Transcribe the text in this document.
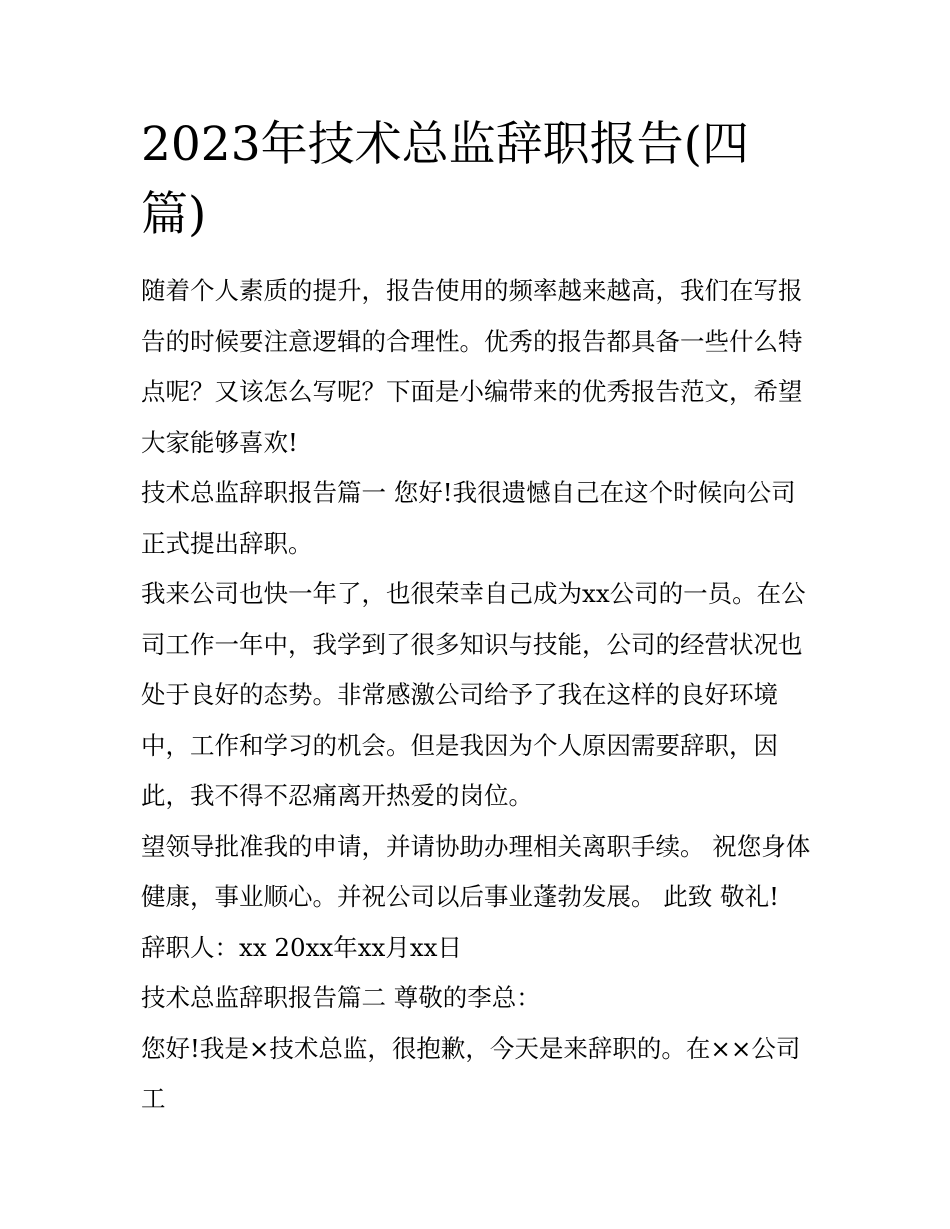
2023年技术总监辞职报告(四篇)

随着个人素质的提升，报告使用的频率越来越高，我们在写报告的时候要注意逻辑的合理性。优秀的报告都具备一些什么特点呢？又该怎么写呢？下面是小编带来的优秀报告范文，希望大家能够喜欢!

技术总监辞职报告篇一 您好!我很遗憾自己在这个时候向公司正式提出辞职。

我来公司也快一年了，也很荣幸自己成为xx公司的一员。在公司工作一年中，我学到了很多知识与技能，公司的经营状况也处于良好的态势。非常感激公司给予了我在这样的良好环境中，工作和学习的机会。但是我因为个人原因需要辞职，因此，我不得不忍痛离开热爱的岗位。

望领导批准我的申请，并请协助办理相关离职手续。 祝您身体健康，事业顺心。并祝公司以后事业蓬勃发展。 此致 敬礼!

辞职人：xx 20xx年xx月xx日

技术总监辞职报告篇二 尊敬的李总：

您好!我是×技术总监，很抱歉，今天是来辞职的。在××公司工
